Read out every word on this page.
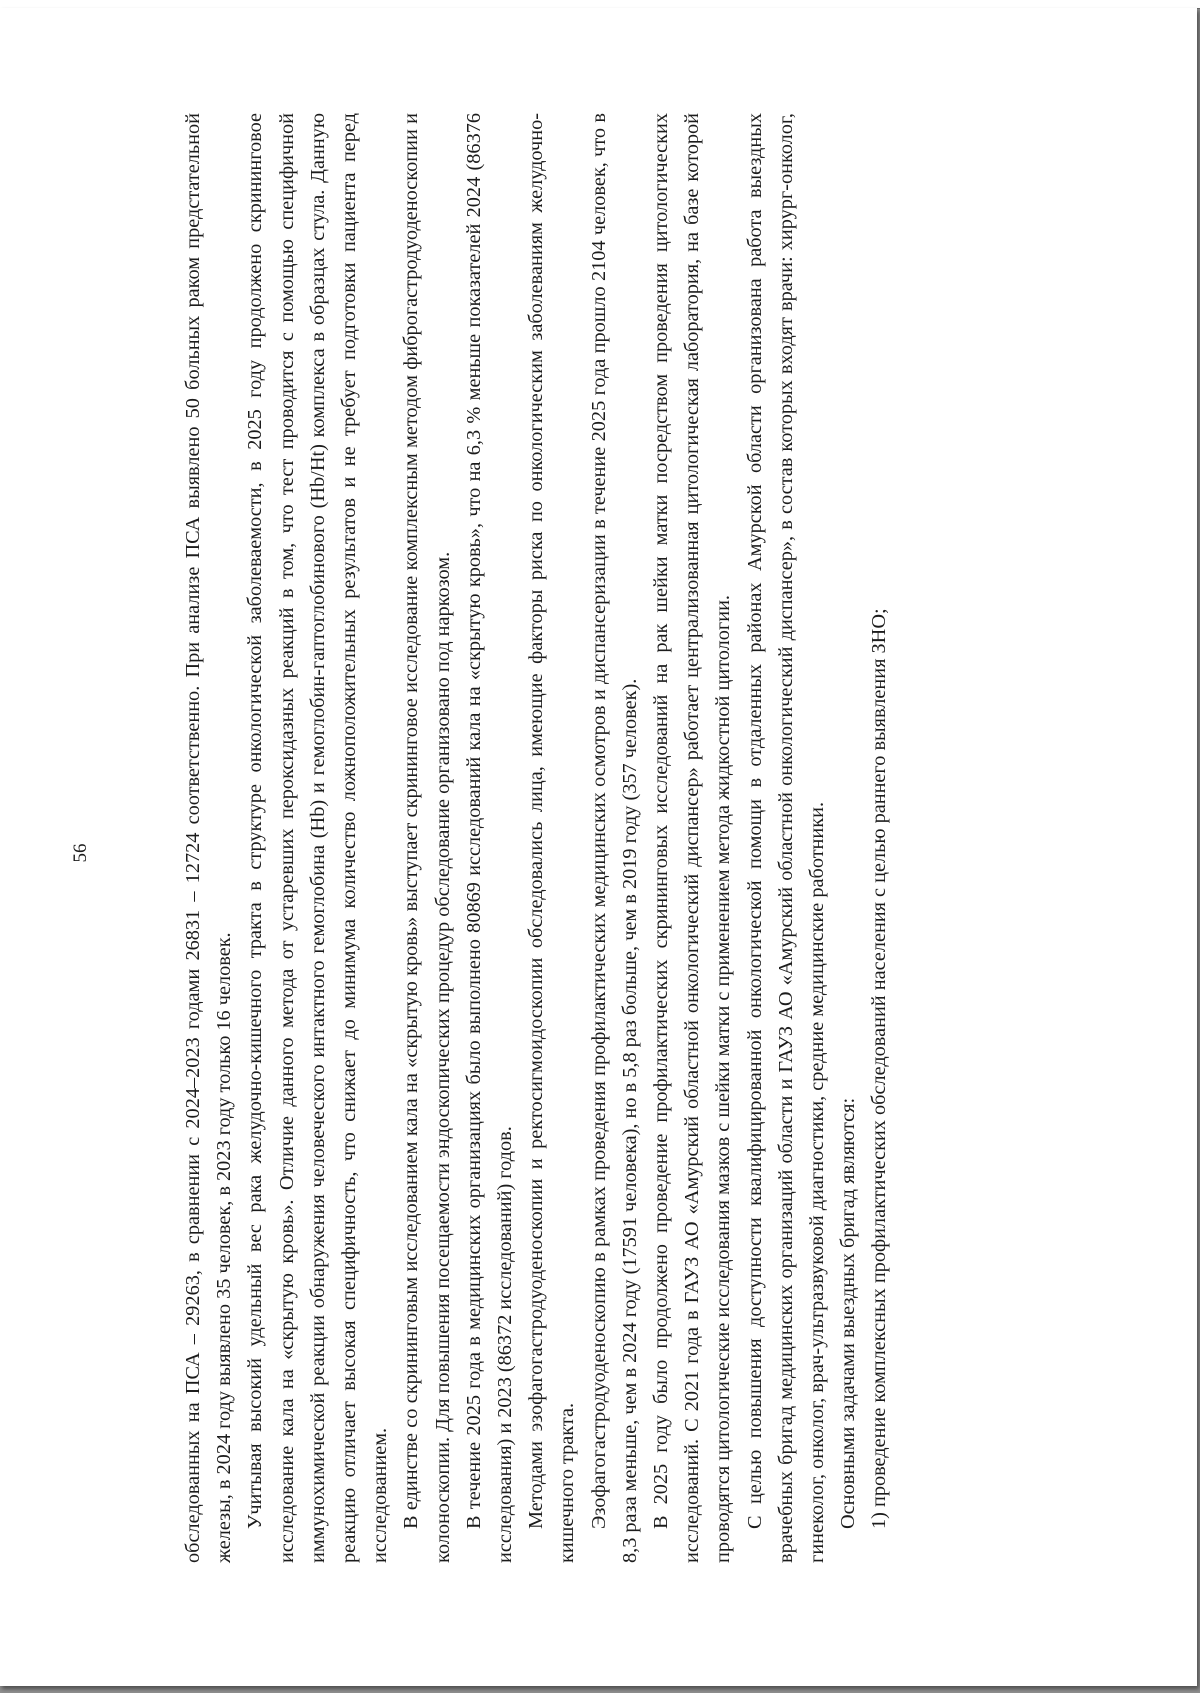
56	обследованных на ПСА – 29263, в сравнении с 2024–2023 годами 26831 – 12724 соответственно. При анализе ПСА выявлено 50 больных раком предстательной железы, в 2024 году выявлено 35 человек, в 2023 году только 16 человек. Учитывая высокий удельный вес рака желудочно-кишечного тракта в структуре онкологической заболеваемости, в 2025 году продолжено скрининговое исследование кала на «скрытую кровь». Отличие данного метода от устаревших пероксидазных реакций в том, что тест проводится с помощью специфичной иммунохимической реакции обнаружения человеческого интактного гемоглобина (Hb) и гемоглобин-гаптоглобинового (Hb/Ht) комплекса в образцах стула. Данную реакцию отличает высокая специфичность, что снижает до минимума количество ложноположительных результатов и не требует подготовки пациента перед исследованием. В единстве со скрининговым исследованием кала на «скрытую кровь» выступает скрининговое исследование комплексным методом фиброгастродуоденоскопии и колоноскопии. Для повышения посещаемости эндоскопических процедур обследование организовано под наркозом. В течение 2025 года в медицинских организациях было выполнено 80869 исследований кала на «скрытую кровь», что на 6,3 % меньше показателей 2024 (86376 исследования) и 2023 (86372 исследований) годов. Методами эзофагогастродуоденоскопии и ректосигмоидоскопии обследовались лица, имеющие факторы риска по онкологическим заболеваниям желудочно-кишечного тракта. Эзофагогастродуоденоскопию в рамках проведения профилактических медицинских осмотров и диспансеризации в течение 2025 года прошло 2104 человек, что в 8,3 раза меньше, чем в 2024 году (17591 человека), но в 5,8 раз больше, чем в 2019 году (357 человек). В 2025 году было продолжено проведение профилактических скрининговых исследований на рак шейки матки посредством проведения цитологических исследований. С 2021 года в ГАУЗ АО «Амурский областной онкологический диспансер» работает централизованная цитологическая лаборатория, на базе которой проводятся цитологические исследования мазков с шейки матки с применением метода жидкостной цитологии. С целью повышения доступности квалифицированной онкологической помощи в отдаленных районах Амурской области организована работа выездных врачебных бригад медицинских организаций области и ГАУЗ АО «Амурский областной онкологический диспансер», в состав которых входят врачи: хирург-онколог, гинеколог, онколог, врач-ультразвуковой диагностики, средние медицинские работники. Основными задачами выездных бригад являются: 1) проведение комплексных профилактических обследований населения с целью раннего выявления ЗНО;
